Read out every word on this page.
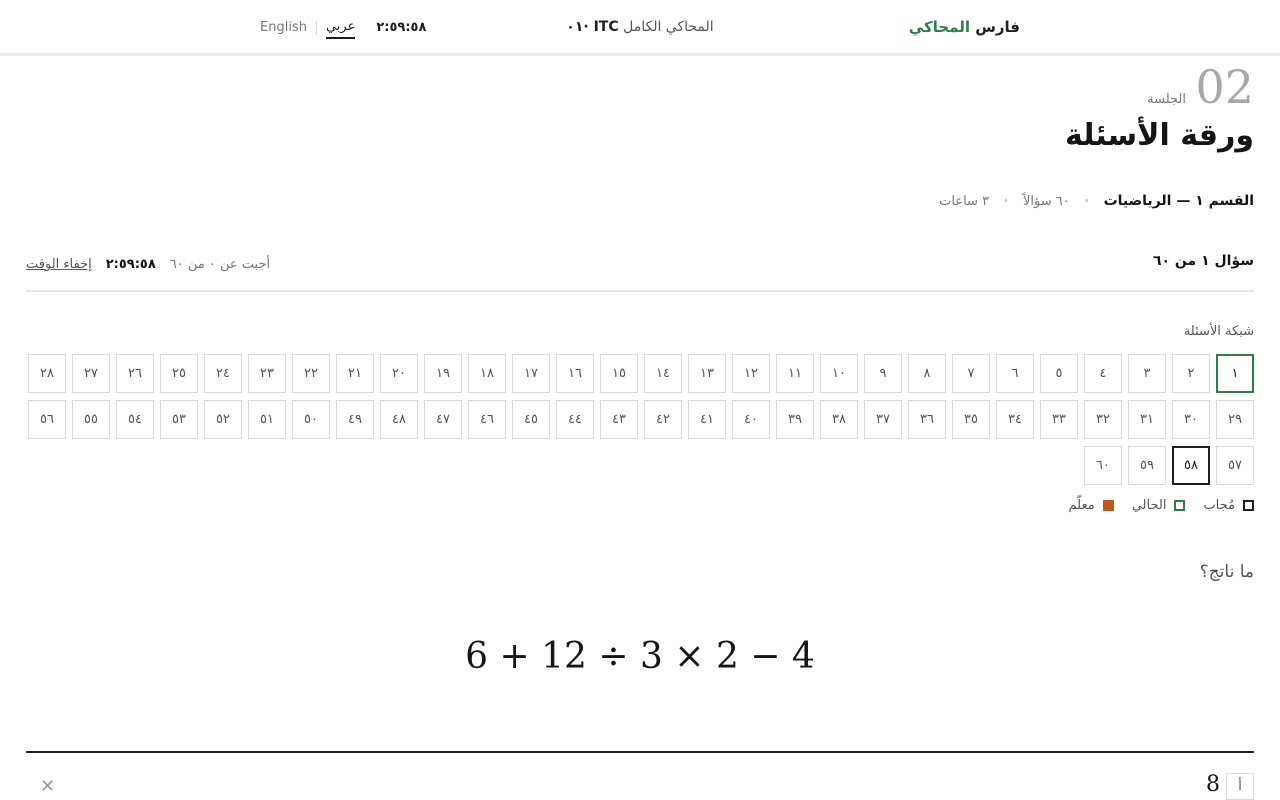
فارس المحاكي
المحاكي الكامل ITC ·٠١
English عربي ٢:٥٩:٥٨
02
الجلسة
ورقة الأسئلة
القسم ١ — الرياضيات
•
٦٠ سؤالاً
•
٣ ساعات
سؤال ١ من ٦٠
إخفاء الوقت ٢:٥٩:٥٨ أجبت عن ٠ من ٦٠
شبكة الأسئلة
١
٢
٣
٤
٥
٦
٧
٨
٩
١٠
١١
١٢
١٣
١٤
١٥
١٦
١٧
١٨
١٩
٢٠
٢١
٢٢
٢٣
٢٤
٢٥
٢٦
٢٧
٢٨
٢٩
٣٠
٣١
٣٢
٣٣
٣٤
٣٥
٣٦
٣٧
٣٨
٣٩
٤٠
٤١
٤٢
٤٣
٤٤
٤٥
٤٦
٤٧
٤٨
٤٩
٥٠
٥١
٥٢
٥٣
٥٤
٥٥
٥٦
٥٧
٥٨
٥٩
٦٠
مُجاب
الحالي
معلّم
ما ناتج؟
6 + 12 ÷ 3 × 2 − 4
أ
8
✕
